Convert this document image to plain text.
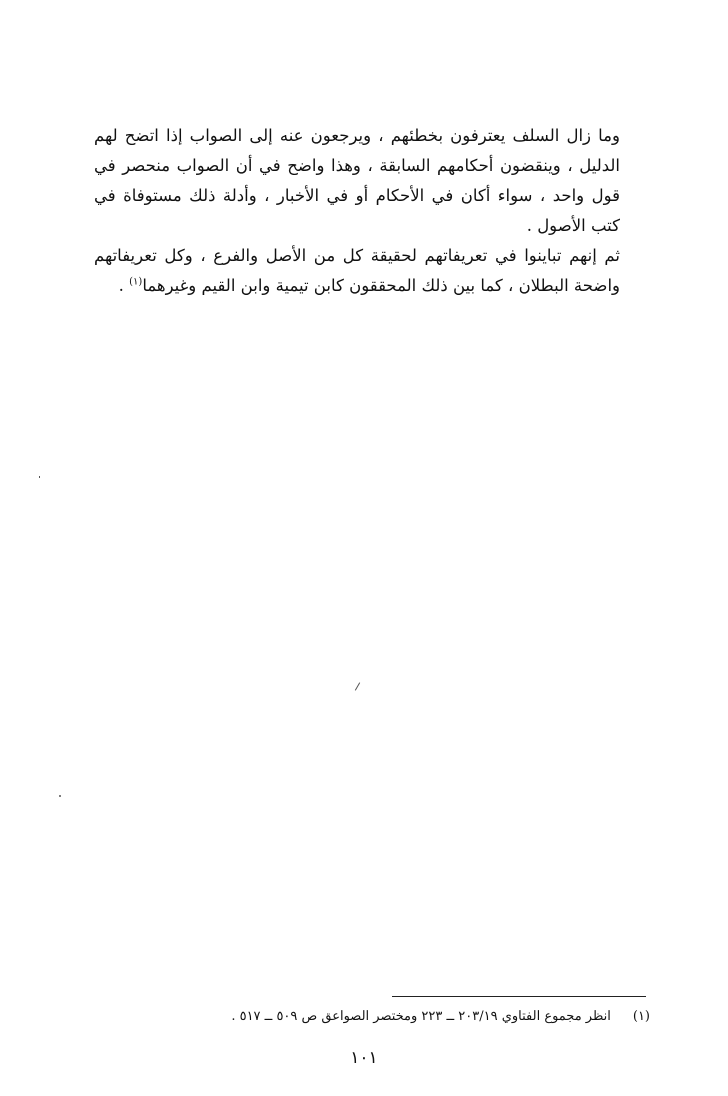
وما زال السلف يعترفون بخطئهم ، ويرجعون عنه إلى الصواب إذا اتضح لهم الدليل ، وينقضون أحكامهم السابقة ، وهذا واضح في أن الصواب منحصر في قول واحد ، سواء أكان في الأحكام أو في الأخبار ، وأدلة ذلك مستوفاة في كتب الأصول .

ثم إنهم تباينوا في تعريفاتهم لحقيقة كل من الأصل والفرع ، وكل تعريفاتهم واضحة البطلان ، كما بين ذلك المحققون كابن تيمية وابن القيم وغيرهما$^{(١)}$ .

(١)انظر مجموع الفتاوي ٢٠٣/١٩ ــ ٢٢٣ ومختصر الصواعق ص ٥٠٩ ــ ٥١٧ .
١٠١
